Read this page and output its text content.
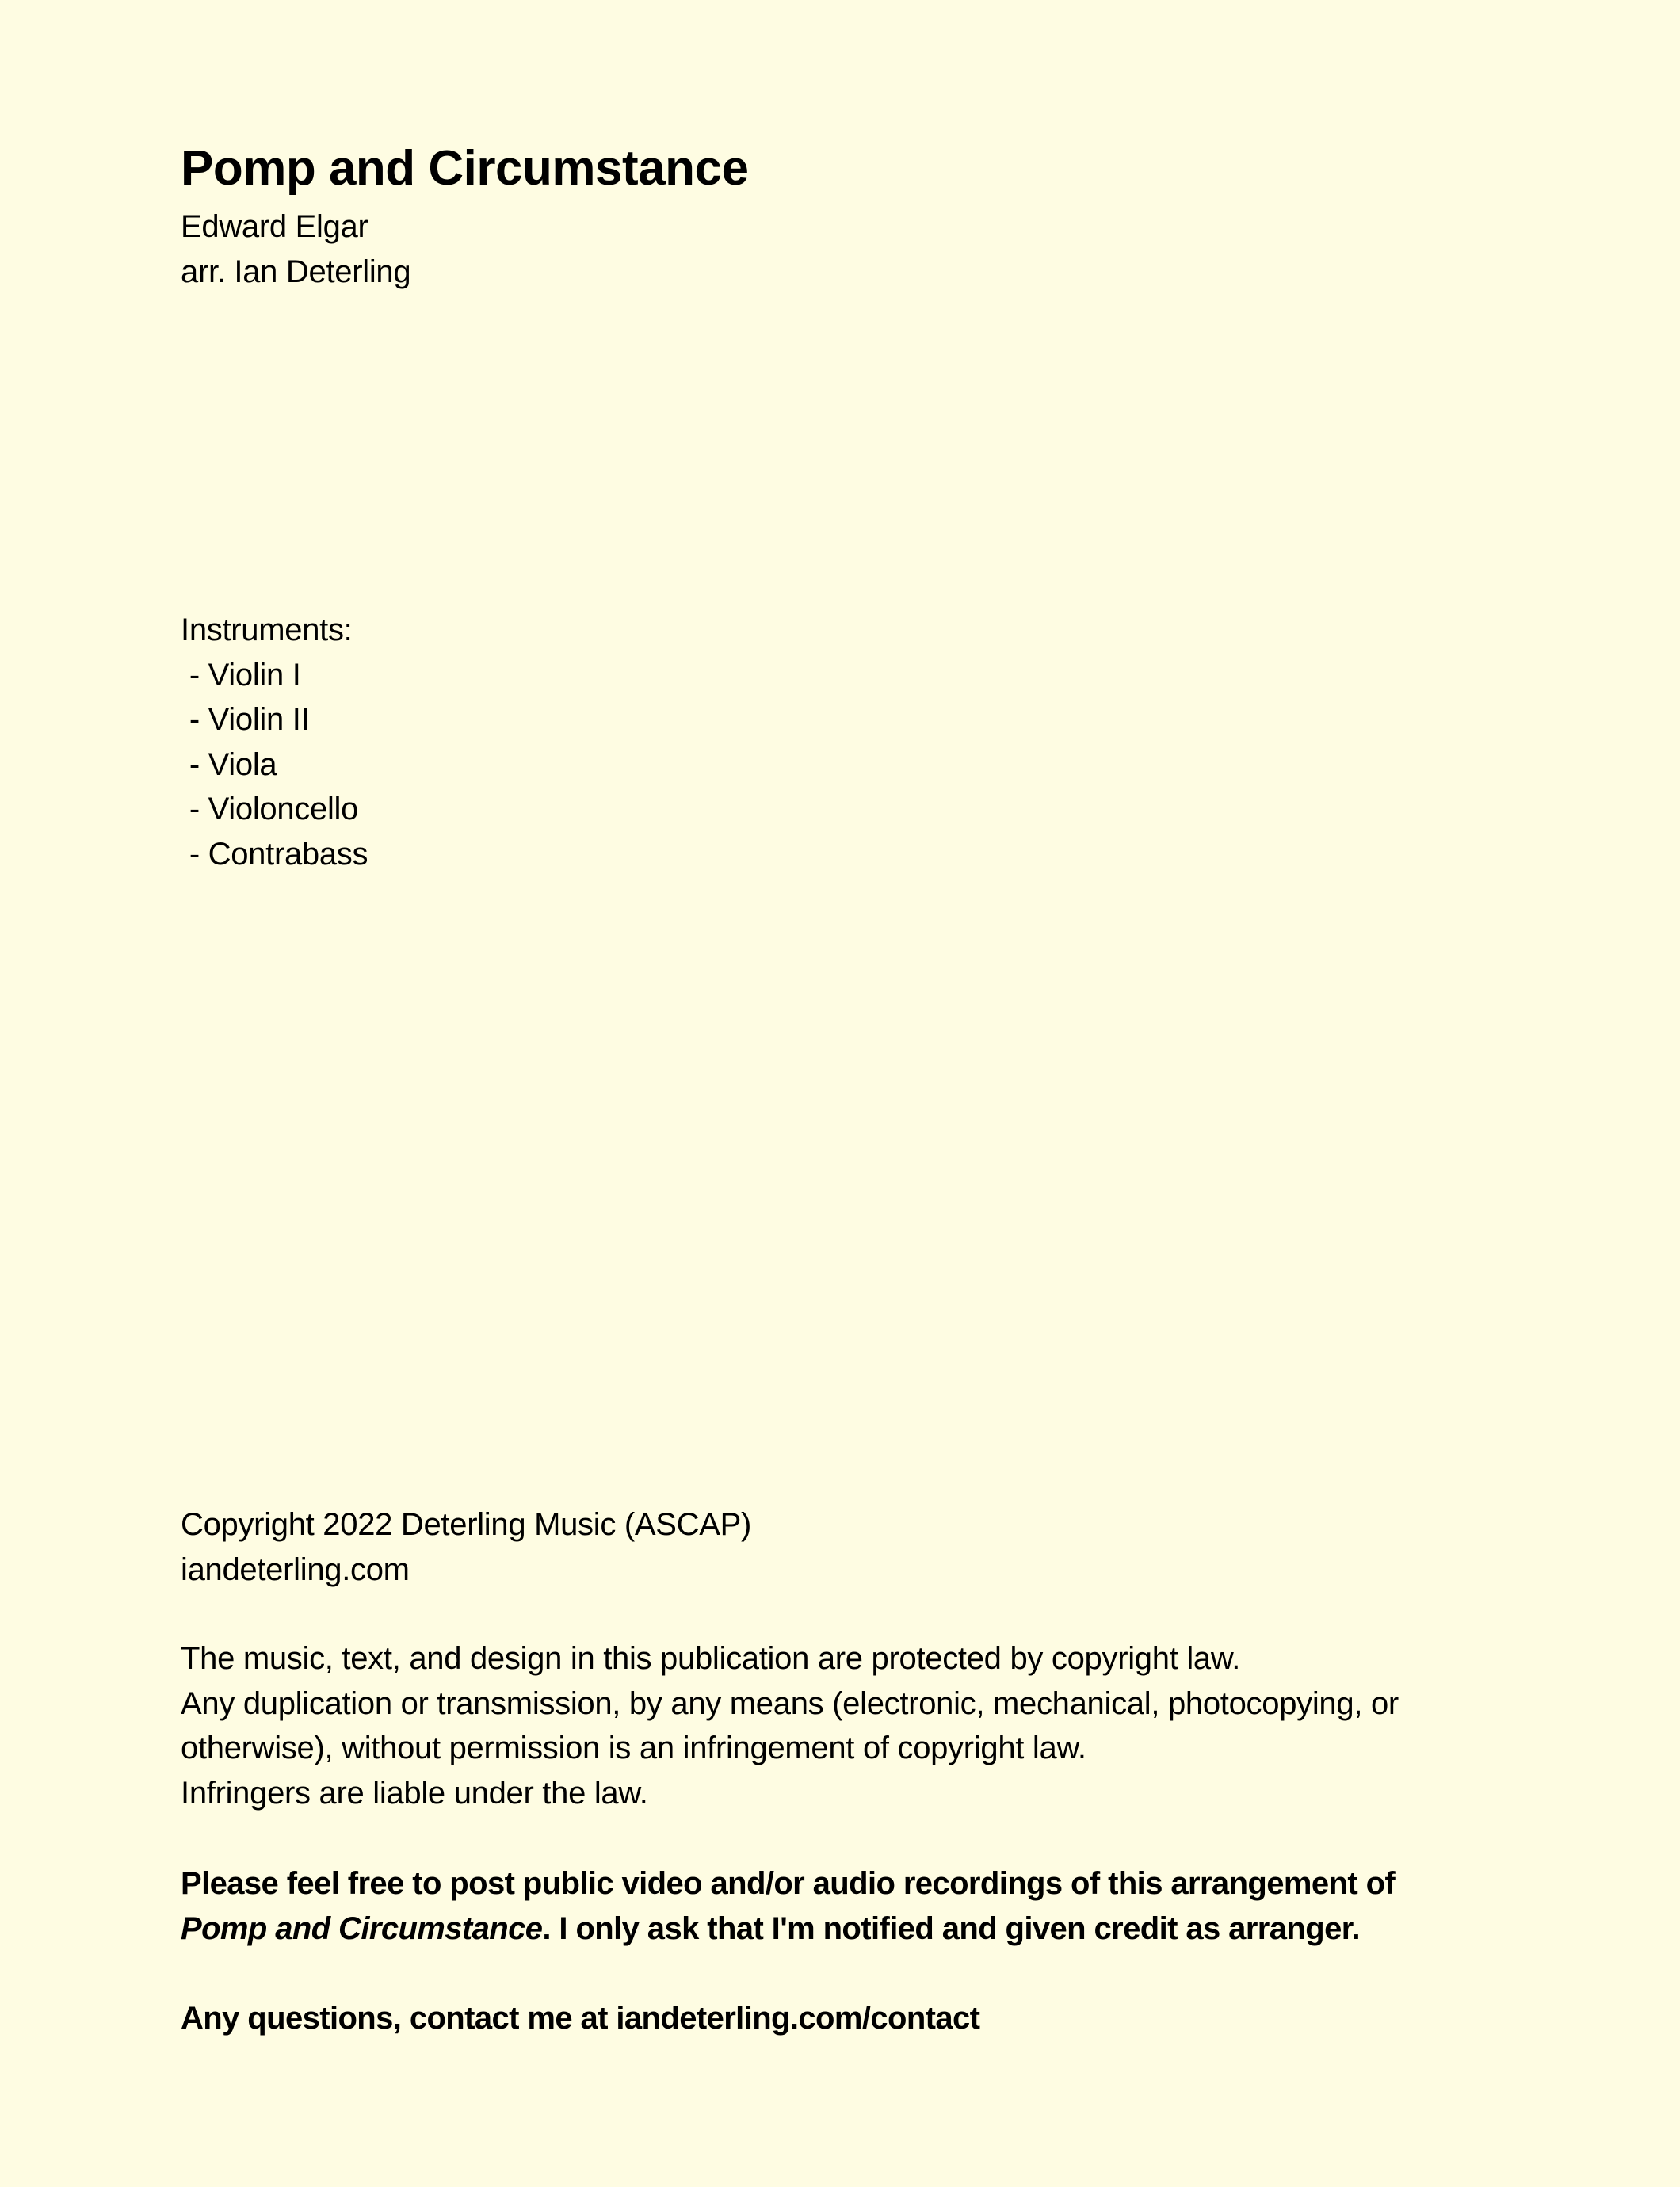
Pomp and Circumstance

Edward Elgar

arr. Ian Deterling

Instruments:

- Violin I

- Violin II

- Viola

- Violoncello

- Contrabass

Copyright 2022 Deterling Music (ASCAP)

iandeterling.com

The music, text, and design in this publication are protected by copyright law.

Any duplication or transmission, by any means (electronic, mechanical, photocopying, or

otherwise), without permission is an infringement of copyright law.

Infringers are liable under the law.

Please feel free to post public video and/or audio recordings of this arrangement of

Pomp and Circumstance. I only ask that I'm notified and given credit as arranger.

Any questions, contact me at iandeterling.com/contact
